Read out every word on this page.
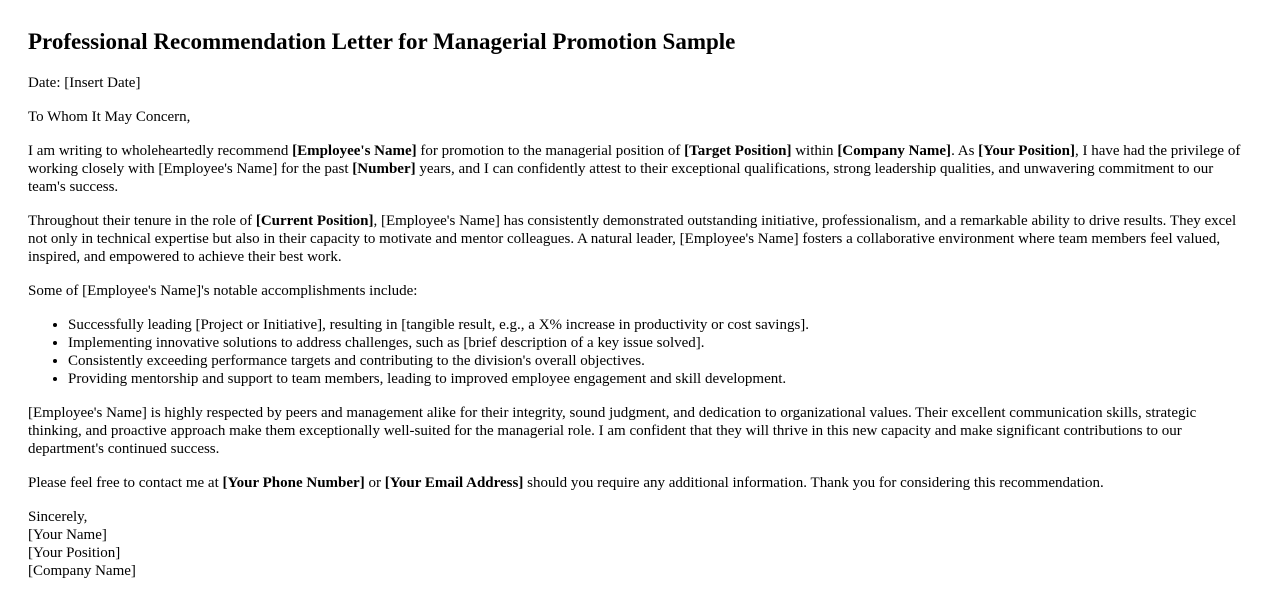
Professional Recommendation Letter for Managerial Promotion Sample

Date: [Insert Date]

To Whom It May Concern,

I am writing to wholeheartedly recommend [Employee's Name] for promotion to the managerial position of [Target Position] within [Company Name]. As [Your Position], I have had the privilege of working closely with [Employee's Name] for the past [Number] years, and I can confidently attest to their exceptional qualifications, strong leadership qualities, and unwavering commitment to our team's success.

Throughout their tenure in the role of [Current Position], [Employee's Name] has consistently demonstrated outstanding initiative, professionalism, and a remarkable ability to drive results. They excel not only in technical expertise but also in their capacity to motivate and mentor colleagues. A natural leader, [Employee's Name] fosters a collaborative environment where team members feel valued, inspired, and empowered to achieve their best work.

Some of [Employee's Name]'s notable accomplishments include:

• Successfully leading [Project or Initiative], resulting in [tangible result, e.g., a X% increase in productivity or cost savings].
• Implementing innovative solutions to address challenges, such as [brief description of a key issue solved].
• Consistently exceeding performance targets and contributing to the division's overall objectives.
• Providing mentorship and support to team members, leading to improved employee engagement and skill development.

[Employee's Name] is highly respected by peers and management alike for their integrity, sound judgment, and dedication to organizational values. Their excellent communication skills, strategic thinking, and proactive approach make them exceptionally well-suited for the managerial role. I am confident that they will thrive in this new capacity and make significant contributions to our department's continued success.

Please feel free to contact me at [Your Phone Number] or [Your Email Address] should you require any additional information. Thank you for considering this recommendation.

Sincerely,
[Your Name]
[Your Position]
[Company Name]
